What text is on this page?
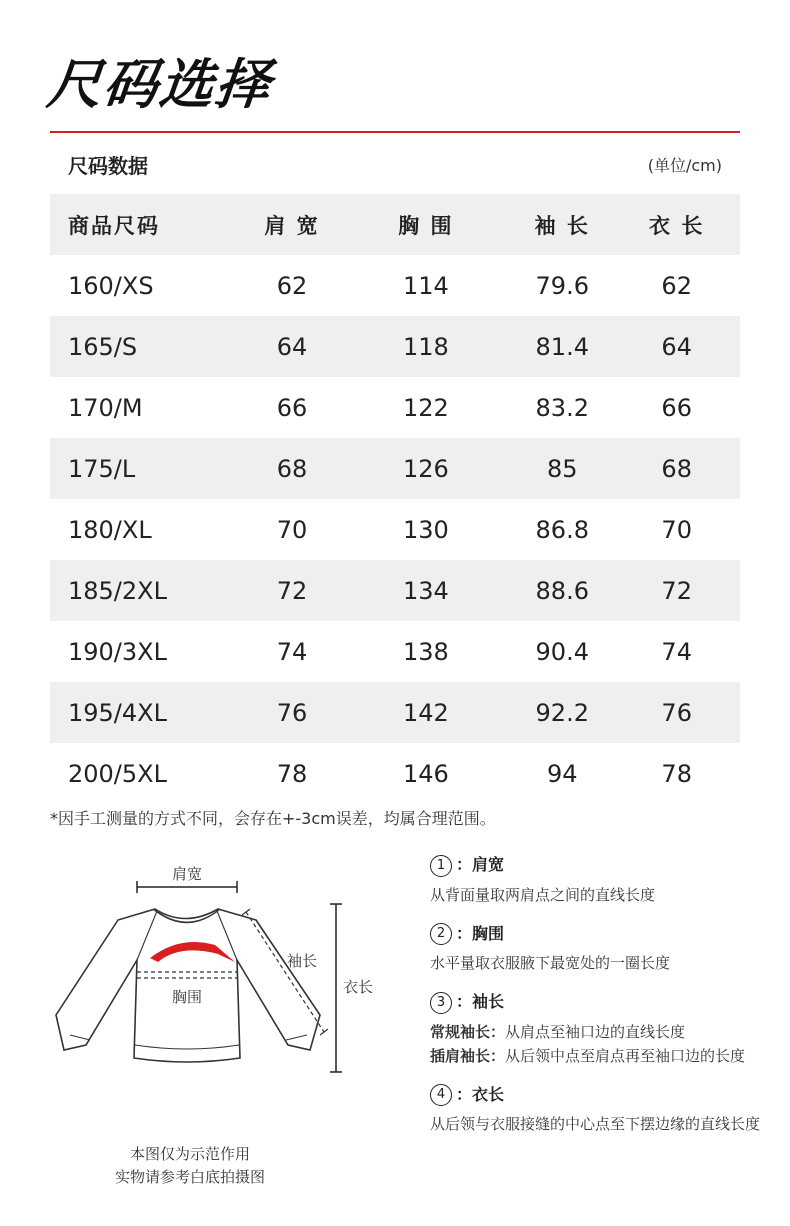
尺码选择
尺码数据	(单位/cm)
商品尺码	肩 宽	胸 围	袖 长	衣 长
160/XS	62	114	79.6	62
165/S	64	118	81.4	64
170/M	66	122	83.2	66
175/L	68	126	85	68
180/XL	70	130	86.8	70
185/2XL	72	134	88.6	72
190/3XL	74	138	90.4	74
195/4XL	76	142	92.2	76
200/5XL	78	146	94	78
*因手工测量的方式不同，会存在+-3cm误差，均属合理范围。
肩宽
胸围
袖长
衣长
本图仅为示范作用
实物请参考白底拍摄图
1 ：肩宽
从背面量取两肩点之间的直线长度
2 ：胸围
水平量取衣服腋下最宽处的一圈长度
3 ：袖长
常规袖长： 从肩点至袖口边的直线长度
插肩袖长： 从后领中点至肩点再至袖口边的长度
4 ：衣长
从后领与衣服接缝的中心点至下摆边缘的直线长度
